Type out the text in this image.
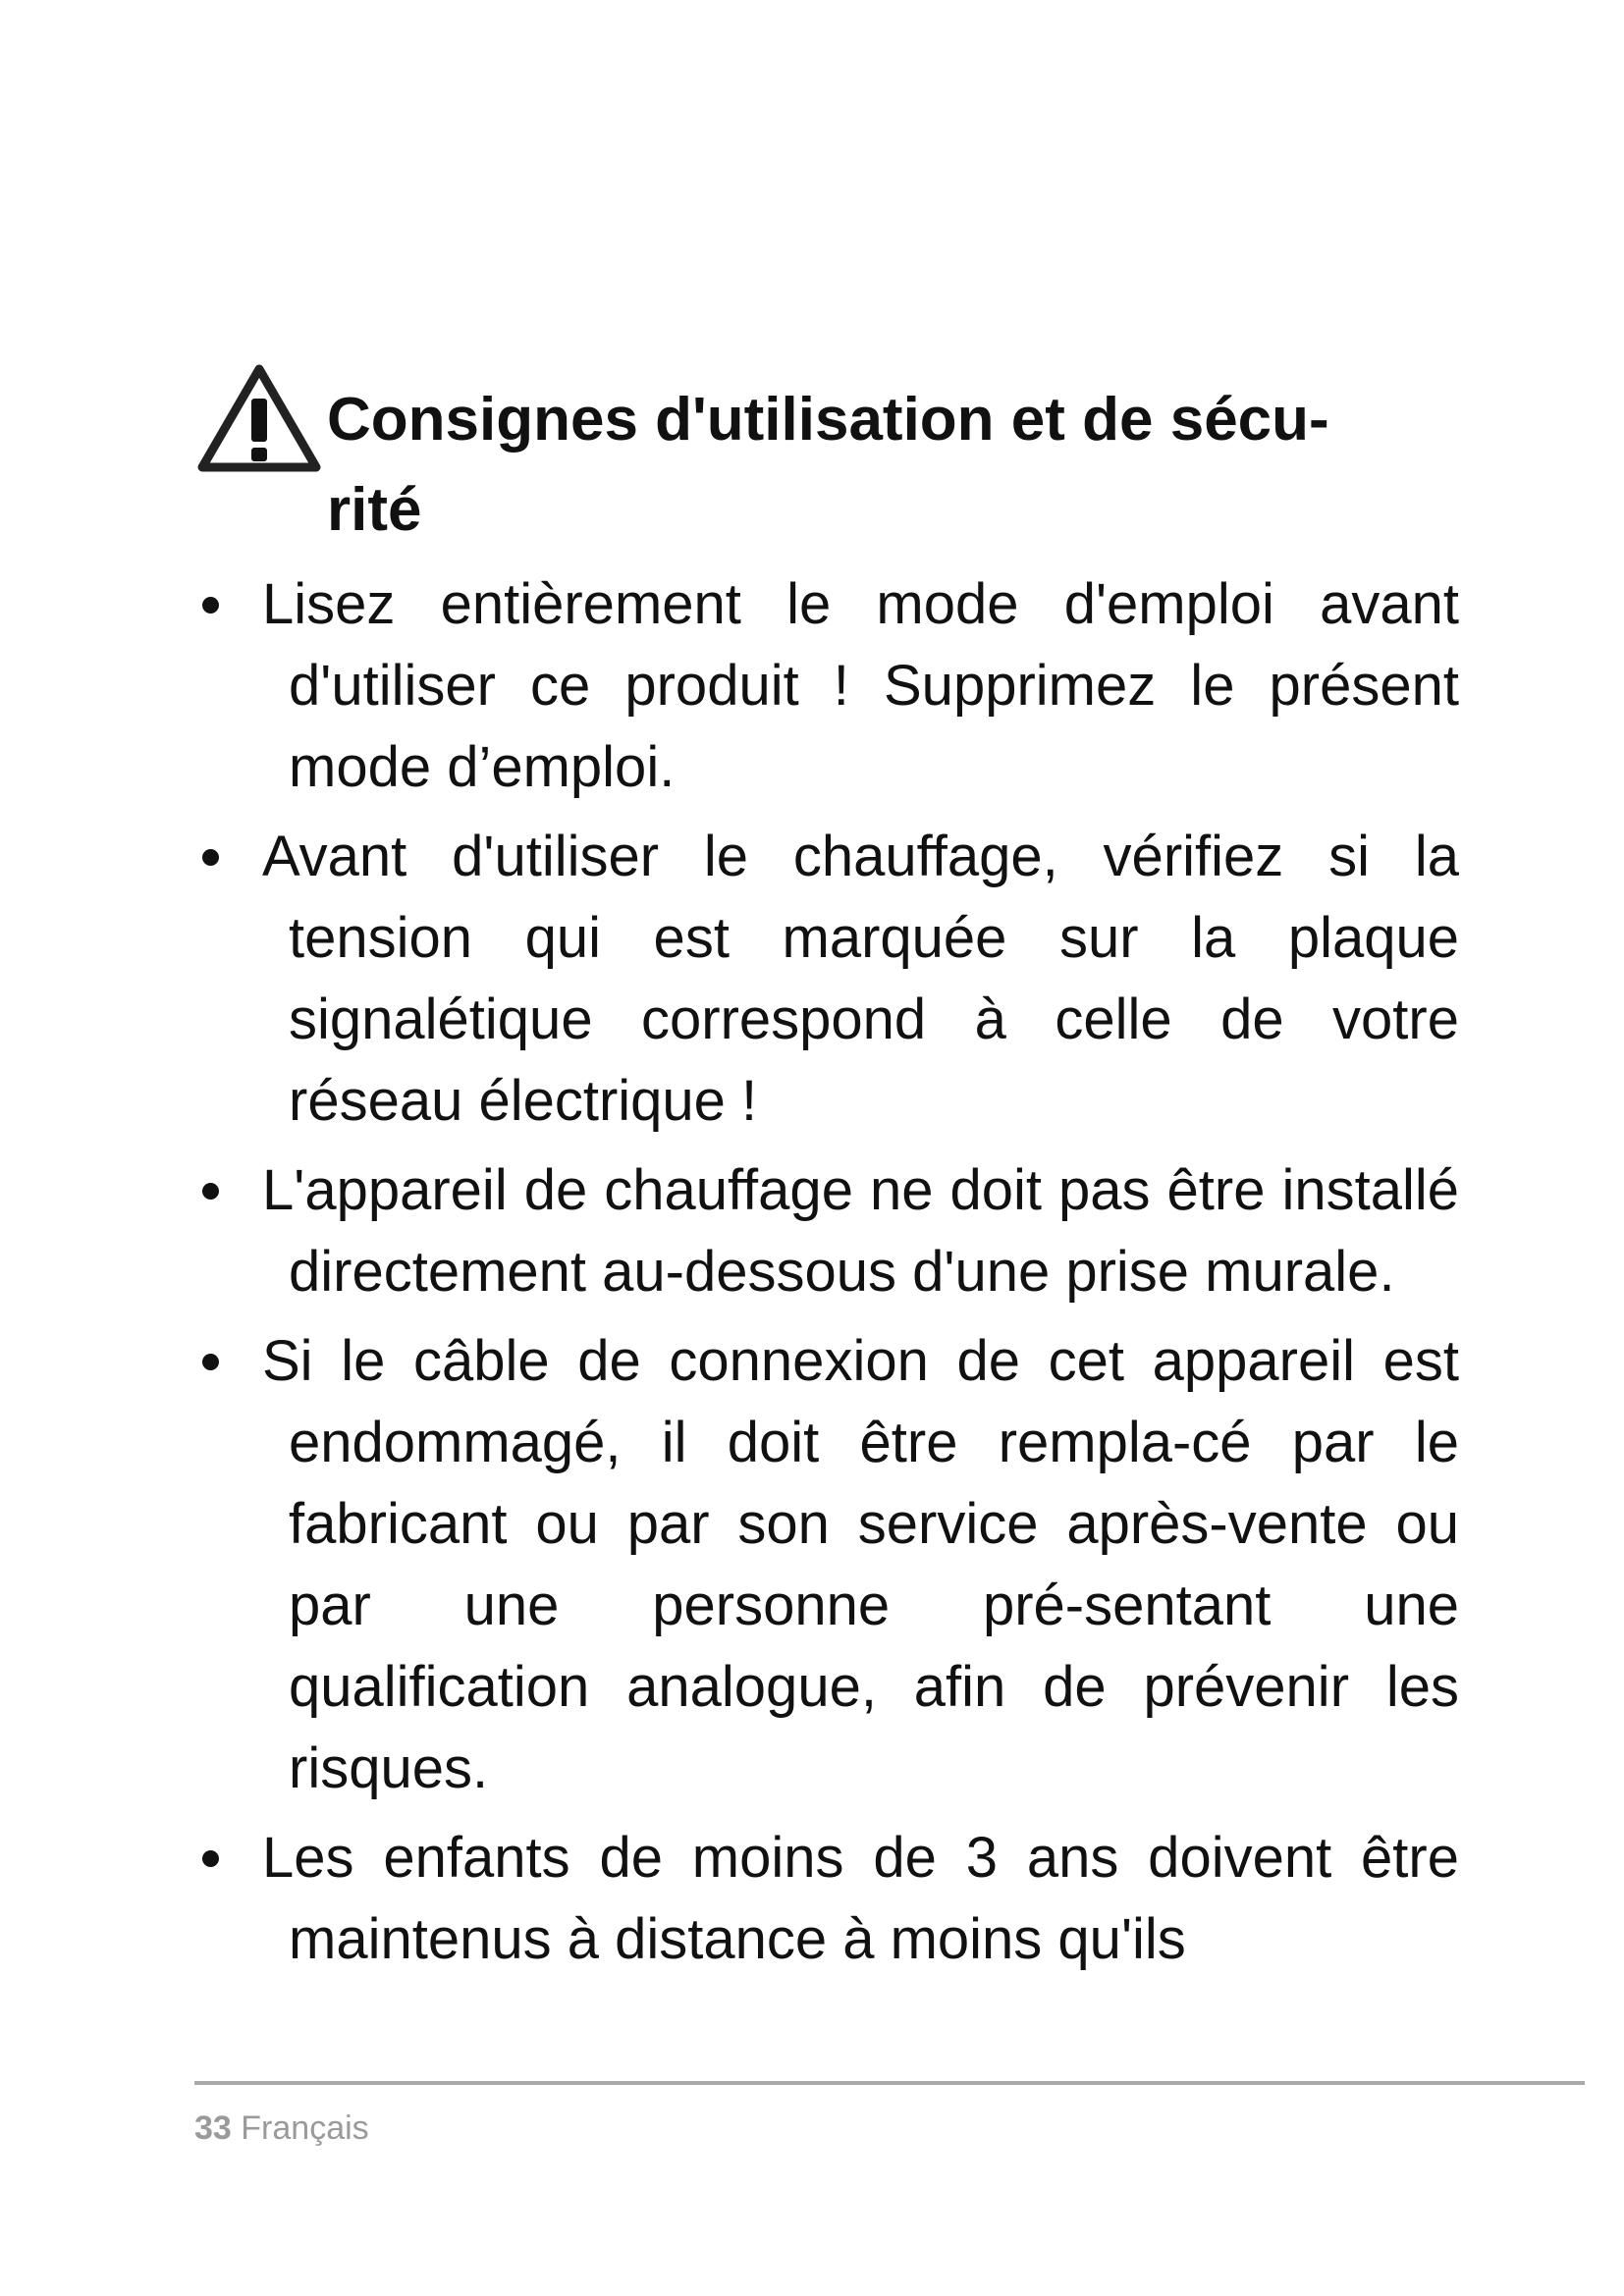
Consignes d'utilisation et de sécu-
rité
Lisez entièrement le mode d'emploi avant d'utiliser ce produit ! Supprimez le présent mode d’emploi.
Avant d'utiliser le chauffage, vérifiez si la tension qui est marquée sur la plaque signalétique correspond à celle de votre réseau électrique !
L'appareil de chauffage ne doit pas être installé directement au-dessous d'une prise murale.
Si le câble de connexion de cet appareil est endommagé, il doit être rempla-cé par le fabricant ou par son service après-vente ou par une personne pré-sentant une qualification analogue, afin de prévenir les risques.
Les enfants de moins de 3 ans doivent être maintenus à distance à moins qu'ils
33 Français
